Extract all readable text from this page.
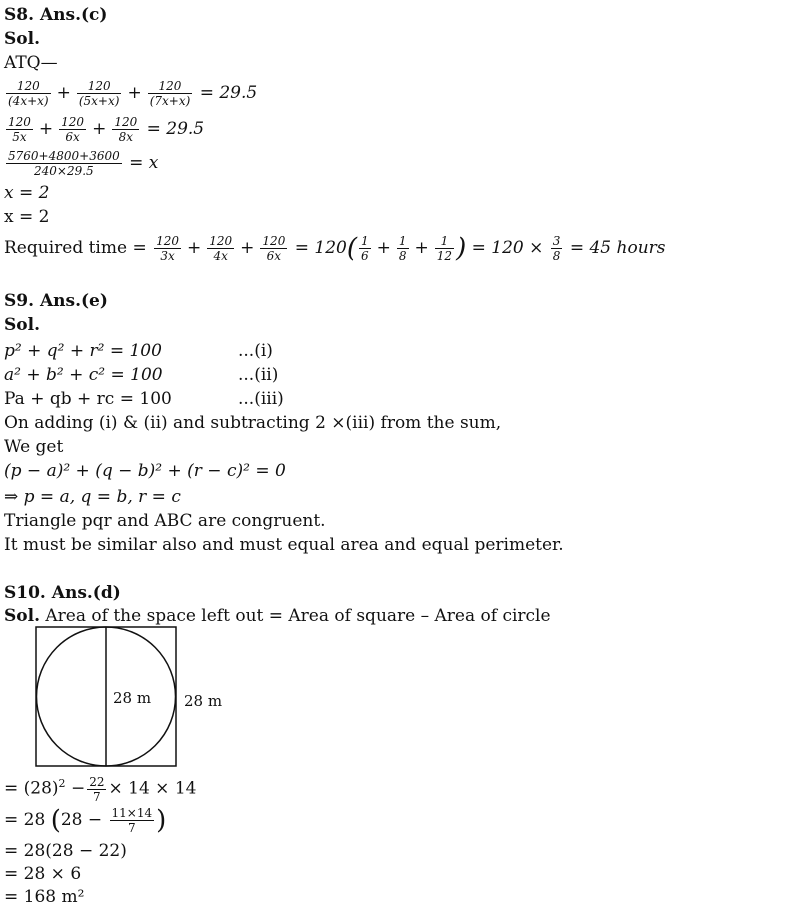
S8. Ans.(c)
Sol.
ATQ—
$\frac{120}{(4x+x)} + \frac{120}{(5x+x)} + \frac{120}{(7x+x)} = 29.5$
$\frac{120}{5x} + \frac{120}{6x} + \frac{120}{8x} = 29.5$
$\frac{5760+4800+3600}{240\times 29.5} = x$
x = 2
x = 2
Required time = $\frac{120}{3x} + \frac{120}{4x} + \frac{120}{6x} = 120( \frac{1}{6} + \frac{1}{8} + \frac{1}{12}$ ) = $120 \times \frac{3}{8} = 45$ hours
S9. Ans.(e)
Sol.
p² + q² + r² = 100	...(i)
a² + b² + c² = 100	...(ii)
Pa + qb + rc = 100	...(iii)
On adding (i) & (ii) and subtracting 2 ×(iii) from the sum,
We get
(p − a)² + (q − b)² + (r − c)² = 0
⇒ p = a, q = b, r = c
Triangle pqr and ABC are congruent.
It must be similar also and must equal area and equal perimeter.
S10. Ans.(d)
Sol. Area of the space left out = Area of square – Area of circle
28 m 28 m
= $(28)^2 - \frac{22}{7} \times 14 \times 14$
= 28 ($28 - \frac{11\times 14}{7}$ )
= 28(28 − 22)
= 28 × 6
= 168 m²
